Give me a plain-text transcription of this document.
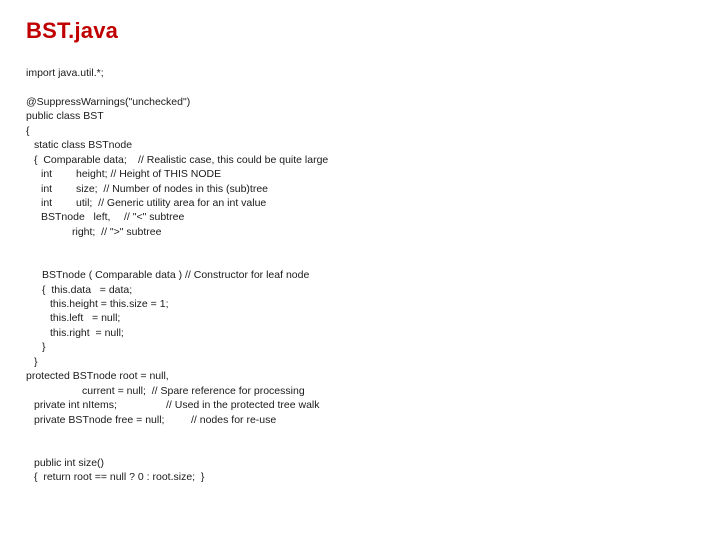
BST.java
import java.util.*;
@SuppressWarnings("unchecked")
public class BST
{
static class BSTnode
{  Comparable data; // Realistic case, this could be quite large
int height; // Height of THIS NODE
int size;  // Number of nodes in this (sub)tree
int util;  // Generic utility area for an int value
BSTnode   left, // "<" subtree
right;  // ">" subtree
BSTnode ( Comparable data ) // Constructor for leaf node
{  this.data   = data;
this.height = this.size = 1;
this.left   = null;
this.right  = null;
}
}
protected BSTnode root = null,
current = null;  // Spare reference for processing
private int nItems;	// Used in the protected tree walk
private BSTnode free = null;	// nodes for re-use
public int size()
{  return root == null ? 0 : root.size;  }
